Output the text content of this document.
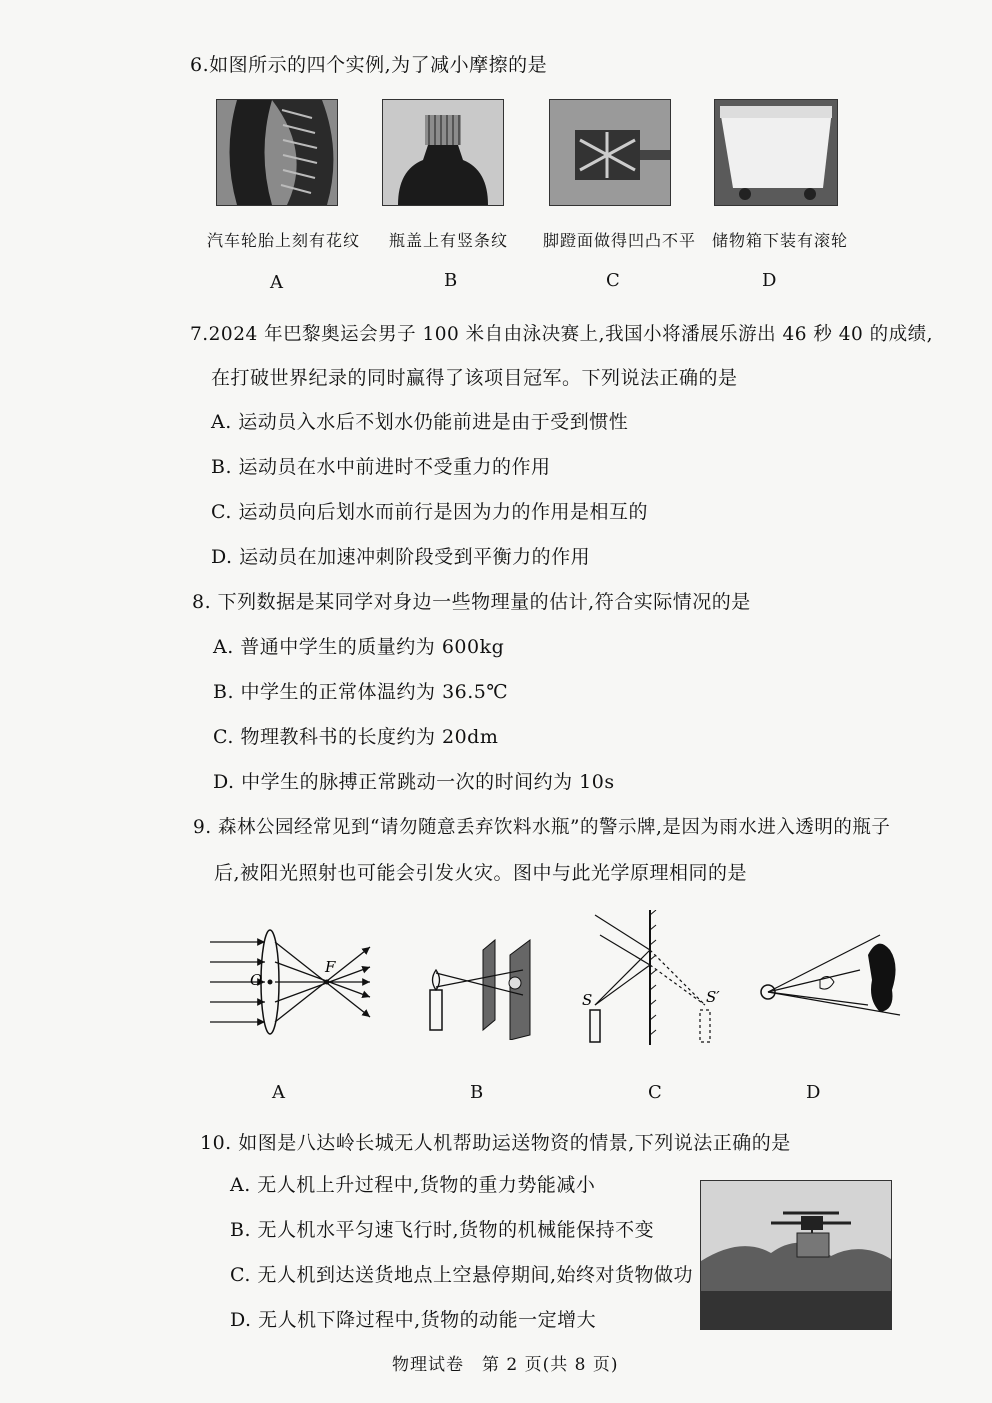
6.如图所示的四个实例,为了减小摩擦的是
汽车轮胎上刻有花纹 瓶盖上有竖条纹 脚蹬面做得凹凸不平 储物箱下装有滚轮
A	B	C	D
7.2024 年巴黎奥运会男子 100 米自由泳决赛上,我国小将潘展乐游出 46 秒 40 的成绩,
在打破世界纪录的同时赢得了该项目冠军。下列说法正确的是
A. 运动员入水后不划水仍能前进是由于受到惯性
B. 运动员在水中前进时不受重力的作用
C. 运动员向后划水而前行是因为力的作用是相互的
D. 运动员在加速冲刺阶段受到平衡力的作用
8. 下列数据是某同学对身边一些物理量的估计,符合实际情况的是
A. 普通中学生的质量约为 600kg
B. 中学生的正常体温约为 36.5℃
C. 物理教科书的长度约为 20dm
D. 中学生的脉搏正常跳动一次的时间约为 10s
9. 森林公园经常见到“请勿随意丢弃饮料水瓶”的警示牌,是因为雨水进入透明的瓶子
后,被阳光照射也可能会引发火灾。图中与此光学原理相同的是
O
F
S	S′
A	B	C	D
10. 如图是八达岭长城无人机帮助运送物资的情景,下列说法正确的是
A. 无人机上升过程中,货物的重力势能减小
B. 无人机水平匀速飞行时,货物的机械能保持不变
C. 无人机到达送货地点上空悬停期间,始终对货物做功
D. 无人机下降过程中,货物的动能一定增大
物理试卷　第 2 页(共 8 页)
